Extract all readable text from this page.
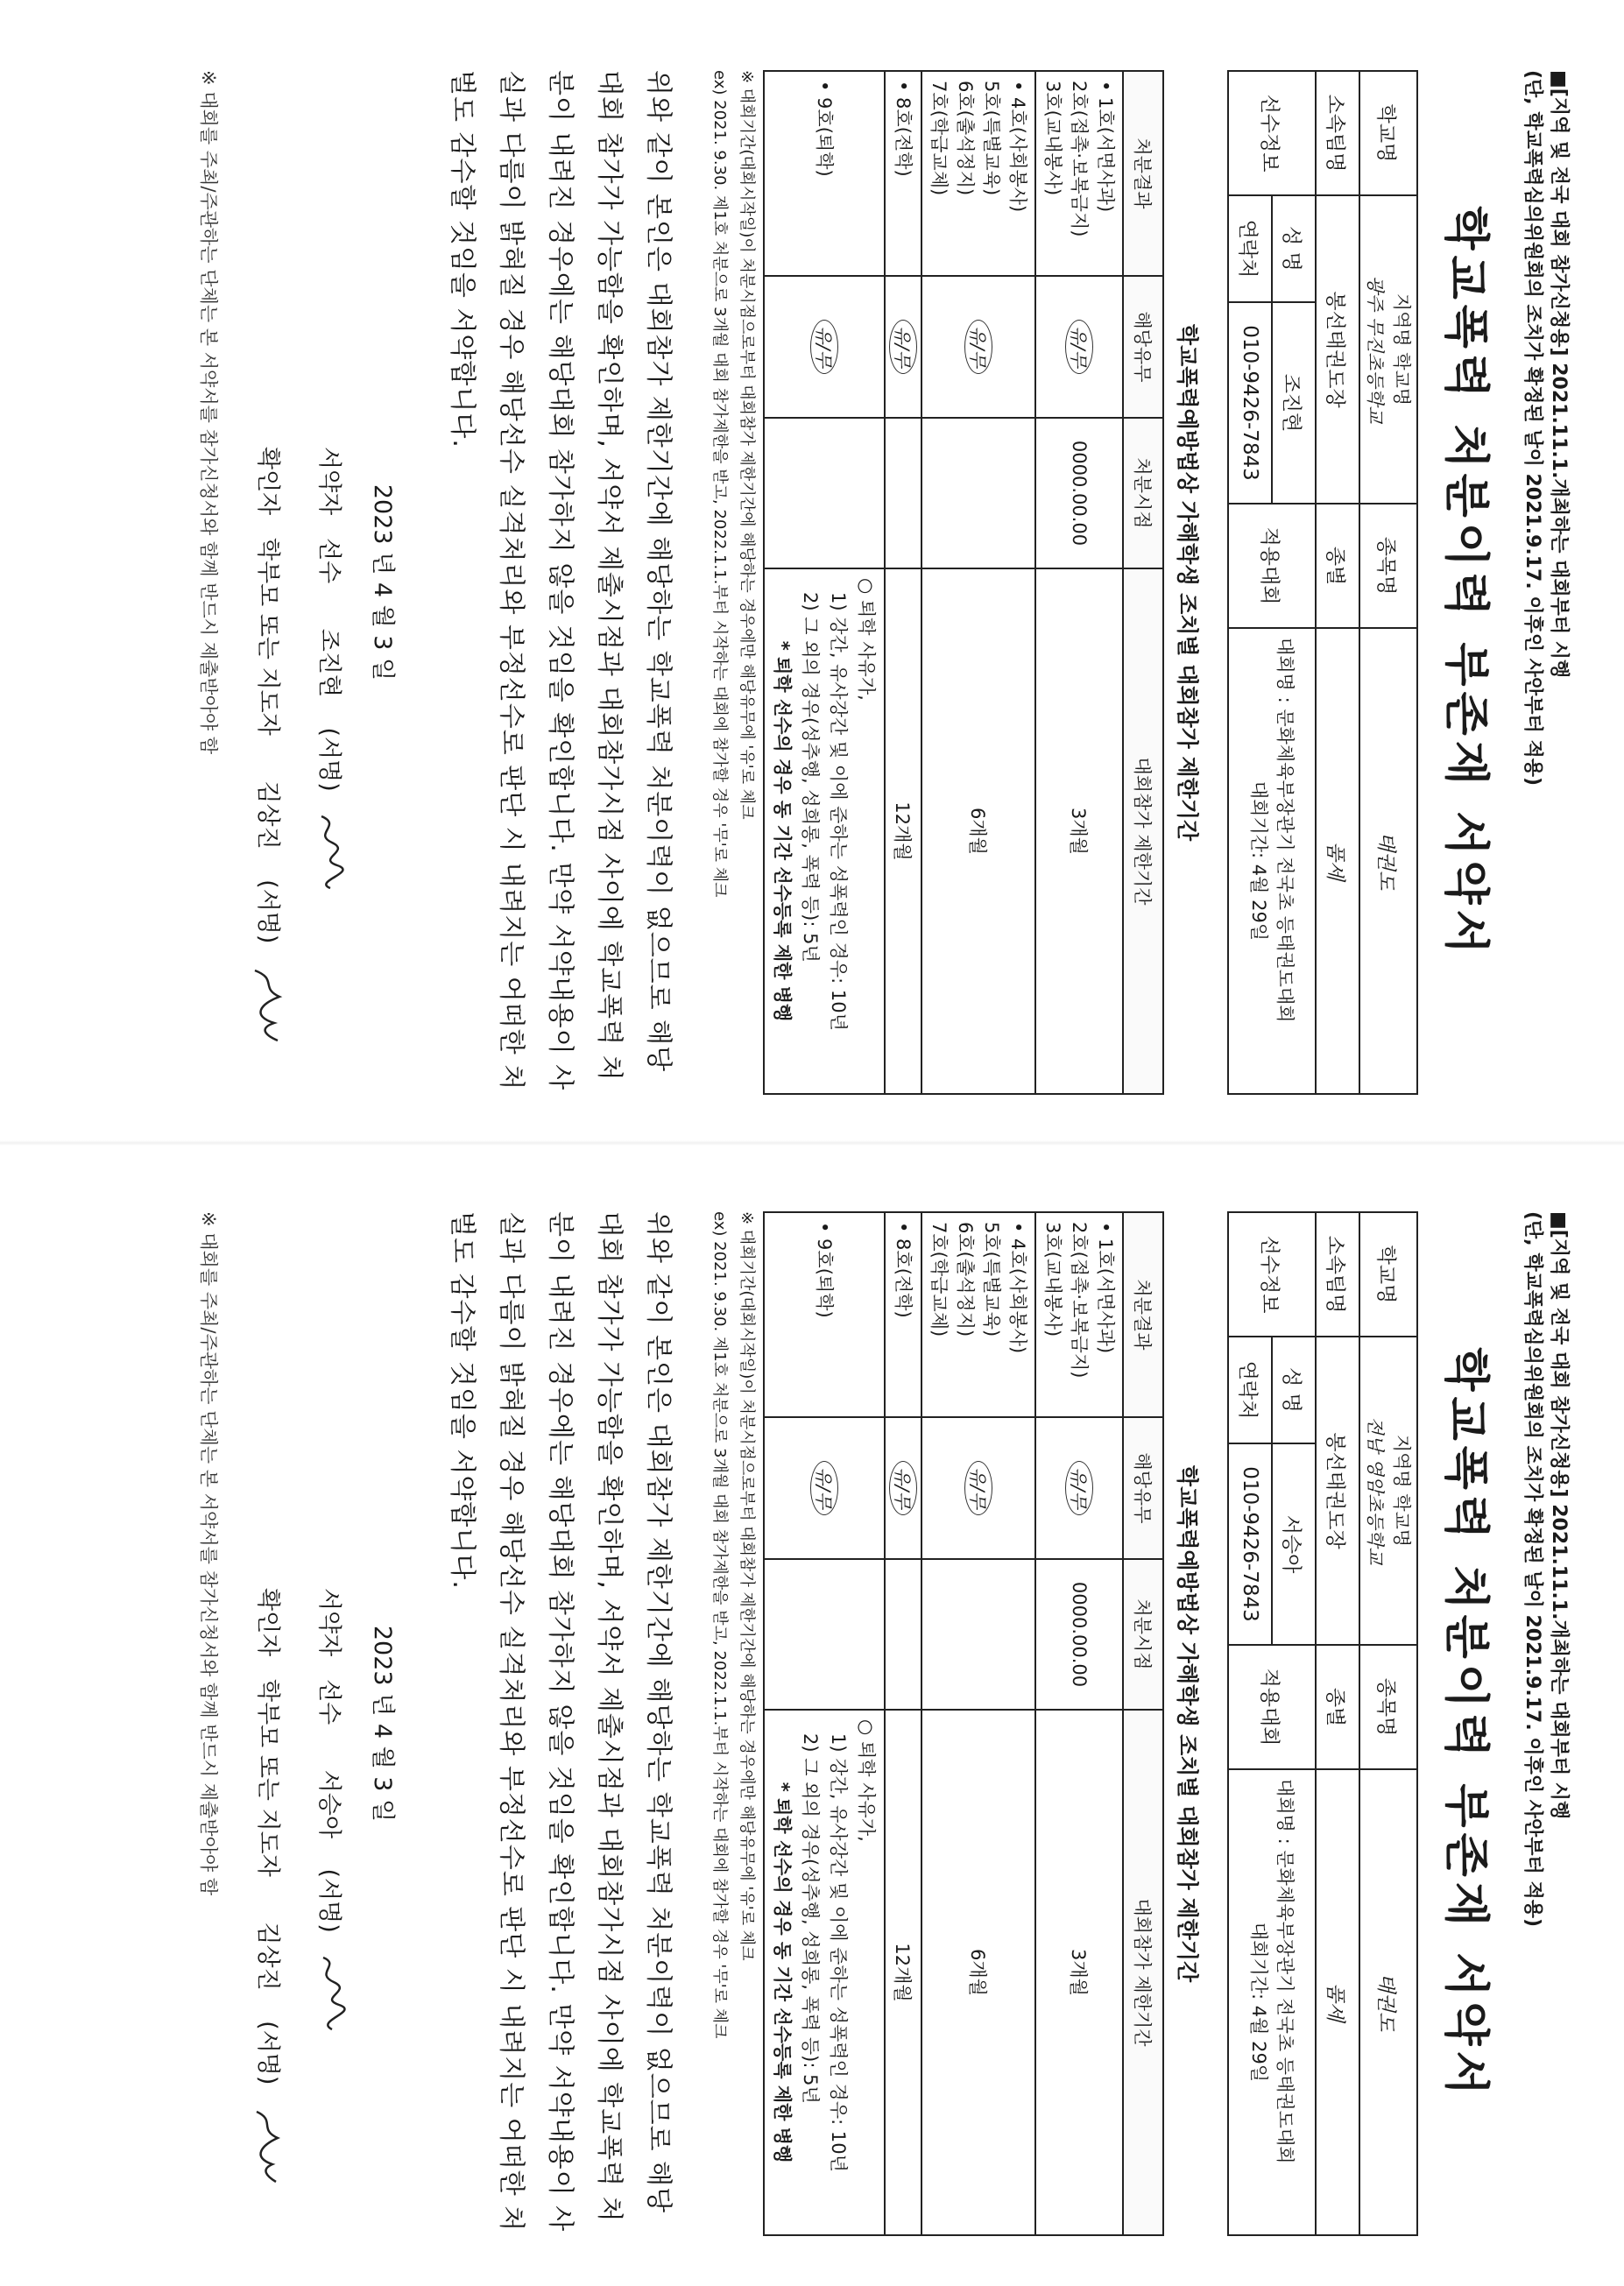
■[지역 및 전국 대회 참가신청용] 2021.11.1.개최하는 대회부터 시행
(단, 학교폭력심의위원회의 조치가 확정된 날이 2021.9.17. 이후인 사안부터 적용)
학교폭력 처분이력 부존재 서약서
학교명	지역명 학교명
광주 무진초등학교		종목명	태권도
소속팀명	봉선태권도장		종별	품세
선수정보	성 명	조진현	적용대회	대회명 : 문화체육부장관기 전국초 등태권도대회
대회기간: 4월 29일

	연락처	010-9426-7843		
학교폭력예방법상 가해학생 조치별 대회참가 제한기간
처분결과	해당유무	처분시점	대회참가 제한기간

• 1호(서면사과)
2호(접촉·보복금지)
3호(교내봉사)	유/무	0000.00.00	3개월

• 4호(사회봉사)
5호(특별교육)
6호(출석정지)
7호(학급교체)	유/무		6개월

• 8호(전학)	유/무		12개월

• 9호(퇴학)	유/무		○ 퇴학 사유가,
1) 강간, 유사강간 및 이에 준하는 성폭력인 경우: 10년
2) 그 외의 경우(성추행, 성희롱, 폭력 등): 5년
* 퇴학 선수의 경우 동 기간 선수등록 제한 병행
※ 대회기간(대회시작일)이 처분시점으로부터 대회참가 제한기간에 해당하는 경우에만 해당유무에 '유'로 체크
ex) 2021. 9.30. 제1호 처분으로 3개월 대회 참가제한을 받고, 2022.1.1.부터 시작하는 대회에 참가할 경우 '무'로 체크
위와 같이 본인은 대회참가 제한기간에 해당하는 학교폭력 처분이력이 없으므로 해당 대회 참가가 가능함을 확인하며, 서약서 제출시점과 대회참가시점 사이에 학교폭력 처분이 내려진 경우에는 해당대회 참가하지 않을 것임을 확인합니다. 만약 서약내용이 사실과 다름이 밝혀질 경우 해당선수 실격처리와 부정선수로 판단 시 내려지는 어떠한 처벌도 감수할 것임을 서약합니다.
2023 년 4 월 3 일
서약자   선수   조진현 (서명)
확인자   학부모 또는 지도자   김상진 (서명)
※ 대회를 주최/주관하는 단체는 본 서약서를 참가신청서와 함께 반드시 제출받아야 함
■[지역 및 전국 대회 참가신청용] 2021.11.1.개최하는 대회부터 시행
(단, 학교폭력심의위원회의 조치가 확정된 날이 2021.9.17. 이후인 사안부터 적용)
학교폭력 처분이력 부존재 서약서
학교명	지역명 학교명
전남 영암초등학교		종목명	태권도
소속팀명	봉선태권도장		종별	품세
선수정보	성 명	서승아	적용대회	대회명 : 문화체육부장관기 전국초 등태권도대회
대회기간: 4월 29일

	연락처	010-9426-7843		
학교폭력예방법상 가해학생 조치별 대회참가 제한기간
처분결과	해당유무	처분시점	대회참가 제한기간

• 1호(서면사과)
2호(접촉·보복금지)
3호(교내봉사)	유/무	0000.00.00	3개월

• 4호(사회봉사)
5호(특별교육)
6호(출석정지)
7호(학급교체)	유/무		6개월

• 8호(전학)	유/무		12개월

• 9호(퇴학)	유/무		○ 퇴학 사유가,
1) 강간, 유사강간 및 이에 준하는 성폭력인 경우: 10년
2) 그 외의 경우(성추행, 성희롱, 폭력 등): 5년
* 퇴학 선수의 경우 동 기간 선수등록 제한 병행
※ 대회기간(대회시작일)이 처분시점으로부터 대회참가 제한기간에 해당하는 경우에만 해당유무에 '유'로 체크
ex) 2021. 9.30. 제1호 처분으로 3개월 대회 참가제한을 받고, 2022.1.1.부터 시작하는 대회에 참가할 경우 '무'로 체크
위와 같이 본인은 대회참가 제한기간에 해당하는 학교폭력 처분이력이 없으므로 해당 대회 참가가 가능함을 확인하며, 서약서 제출시점과 대회참가시점 사이에 학교폭력 처분이 내려진 경우에는 해당대회 참가하지 않을 것임을 확인합니다. 만약 서약내용이 사실과 다름이 밝혀질 경우 해당선수 실격처리와 부정선수로 판단 시 내려지는 어떠한 처벌도 감수할 것임을 서약합니다.
2023 년 4 월 3 일
서약자   선수   서승아 (서명)
확인자   학부모 또는 지도자   김상진 (서명)
※ 대회를 주최/주관하는 단체는 본 서약서를 참가신청서와 함께 반드시 제출받아야 함
